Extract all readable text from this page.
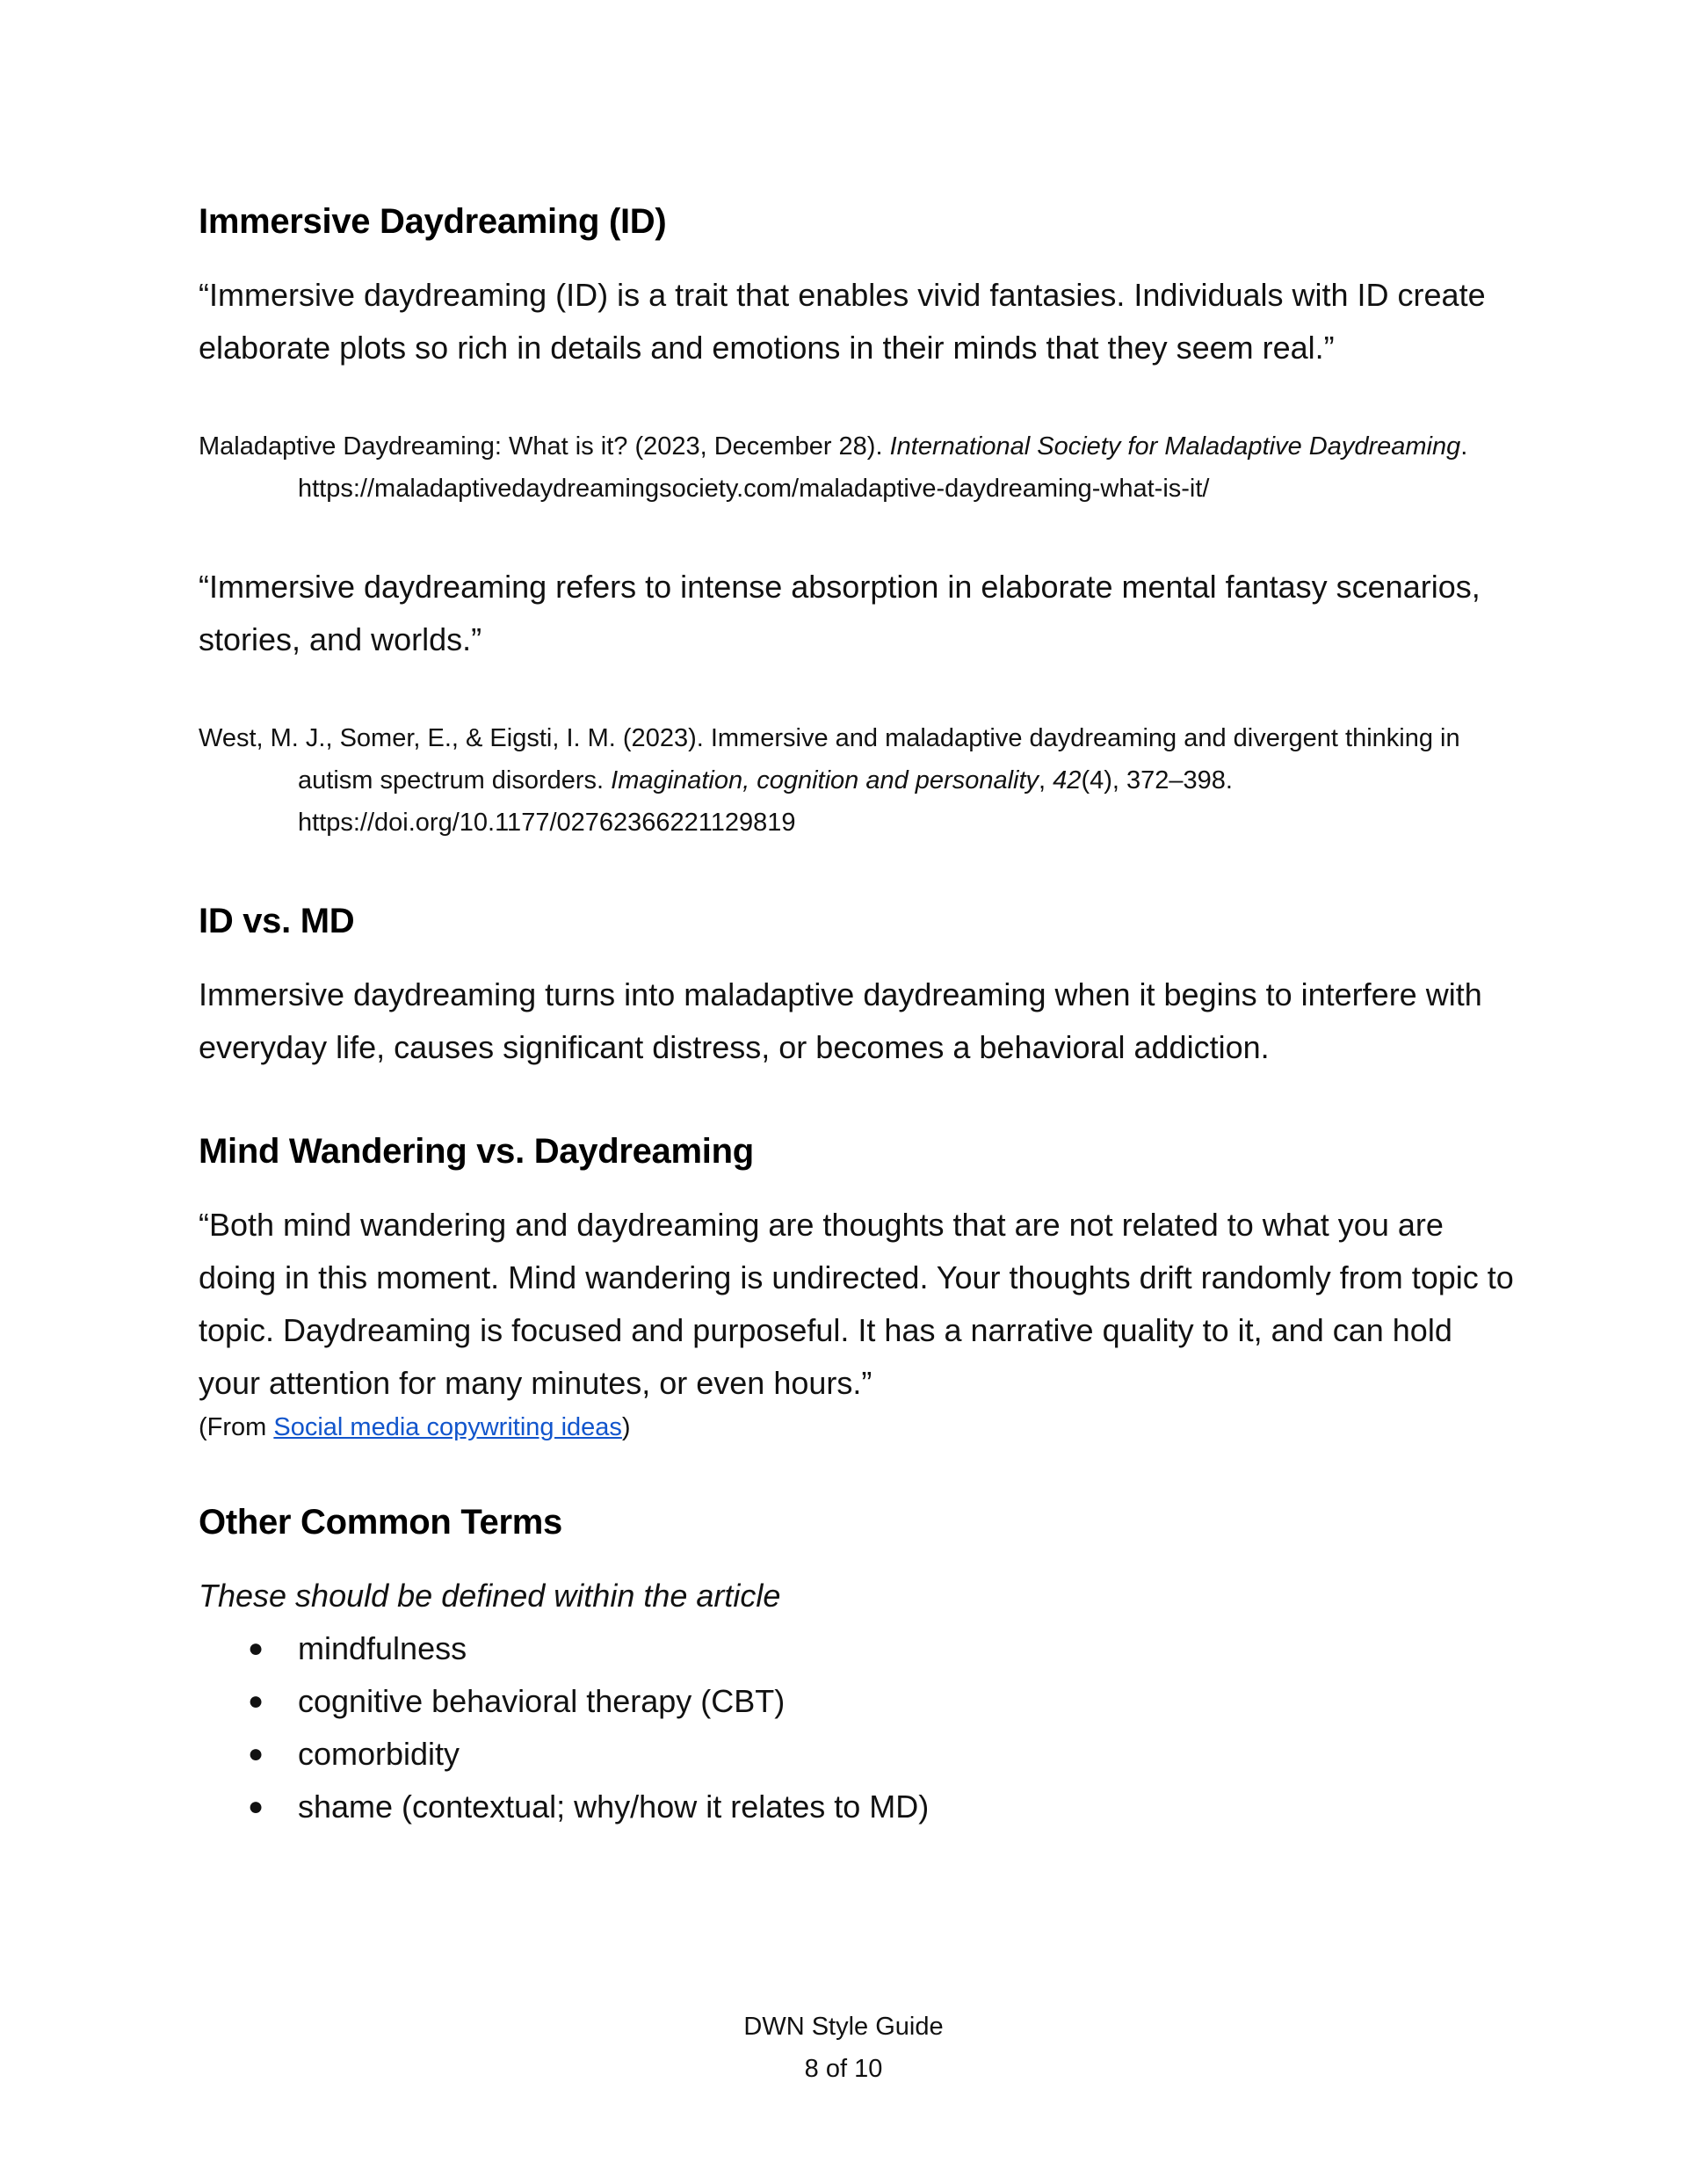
Immersive Daydreaming (ID)

“Immersive daydreaming (ID) is a trait that enables vivid fantasies. Individuals with ID create elaborate plots so rich in details and emotions in their minds that they seem real.”

Maladaptive Daydreaming: What is it? (2023, December 28). International Society for Maladaptive Daydreaming. https://maladaptivedaydreamingsociety.com/maladaptive-daydreaming-what-is-it/

“Immersive daydreaming refers to intense absorption in elaborate mental fantasy scenarios, stories, and worlds.”

West, M. J., Somer, E., & Eigsti, I. M. (2023). Immersive and maladaptive daydreaming and divergent thinking in autism spectrum disorders. Imagination, cognition and personality, 42(4), 372–398. https://doi.org/10.1177/02762366221129819

ID vs. MD

Immersive daydreaming turns into maladaptive daydreaming when it begins to interfere with everyday life, causes significant distress, or becomes a behavioral addiction.

Mind Wandering vs. Daydreaming

“Both mind wandering and daydreaming are thoughts that are not related to what you are doing in this moment. Mind wandering is undirected. Your thoughts drift randomly from topic to topic. Daydreaming is focused and purposeful. It has a narrative quality to it, and can hold your attention for many minutes, or even hours.”

(From Social media copywriting ideas)

Other Common Terms

These should be defined within the article

● mindfulness
● cognitive behavioral therapy (CBT)
● comorbidity
● shame (contextual; why/how it relates to MD)
DWN Style Guide
8 of 10
